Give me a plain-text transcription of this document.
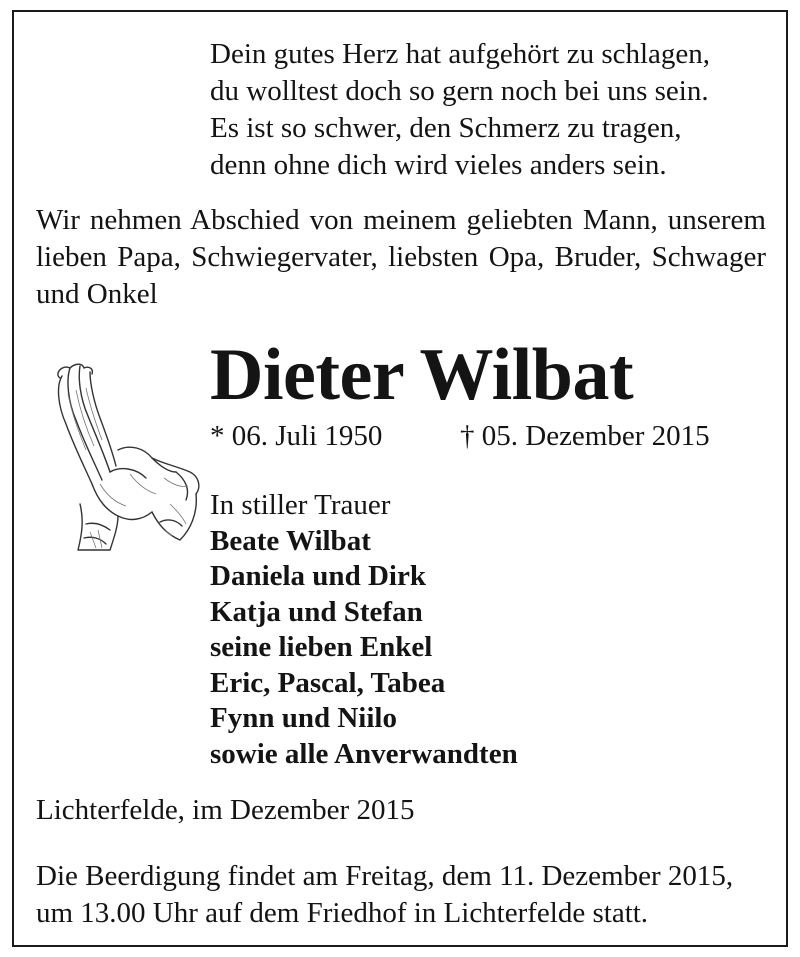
Dein gutes Herz hat aufgehört zu schlagen,
du wolltest doch so gern noch bei uns sein.
Es ist so schwer, den Schmerz zu tragen,
denn ohne dich wird vieles anders sein.
Wir nehmen Abschied von meinem geliebten Mann, unserem lieben Papa, Schwiegervater, liebsten Opa, Bruder, Schwager und Onkel
Dieter Wilbat
* 06. Juli 1950	† 05. Dezember 2015
In stiller Trauer
Beate Wilbat
Daniela und Dirk
Katja und Stefan
seine lieben Enkel
Eric, Pascal, Tabea
Fynn und Niilo
sowie alle Anverwandten
Lichterfelde, im Dezember 2015
Die Beerdigung findet am Freitag, dem 11. Dezember 2015,
um 13.00 Uhr auf dem Friedhof in Lichterfelde statt.
